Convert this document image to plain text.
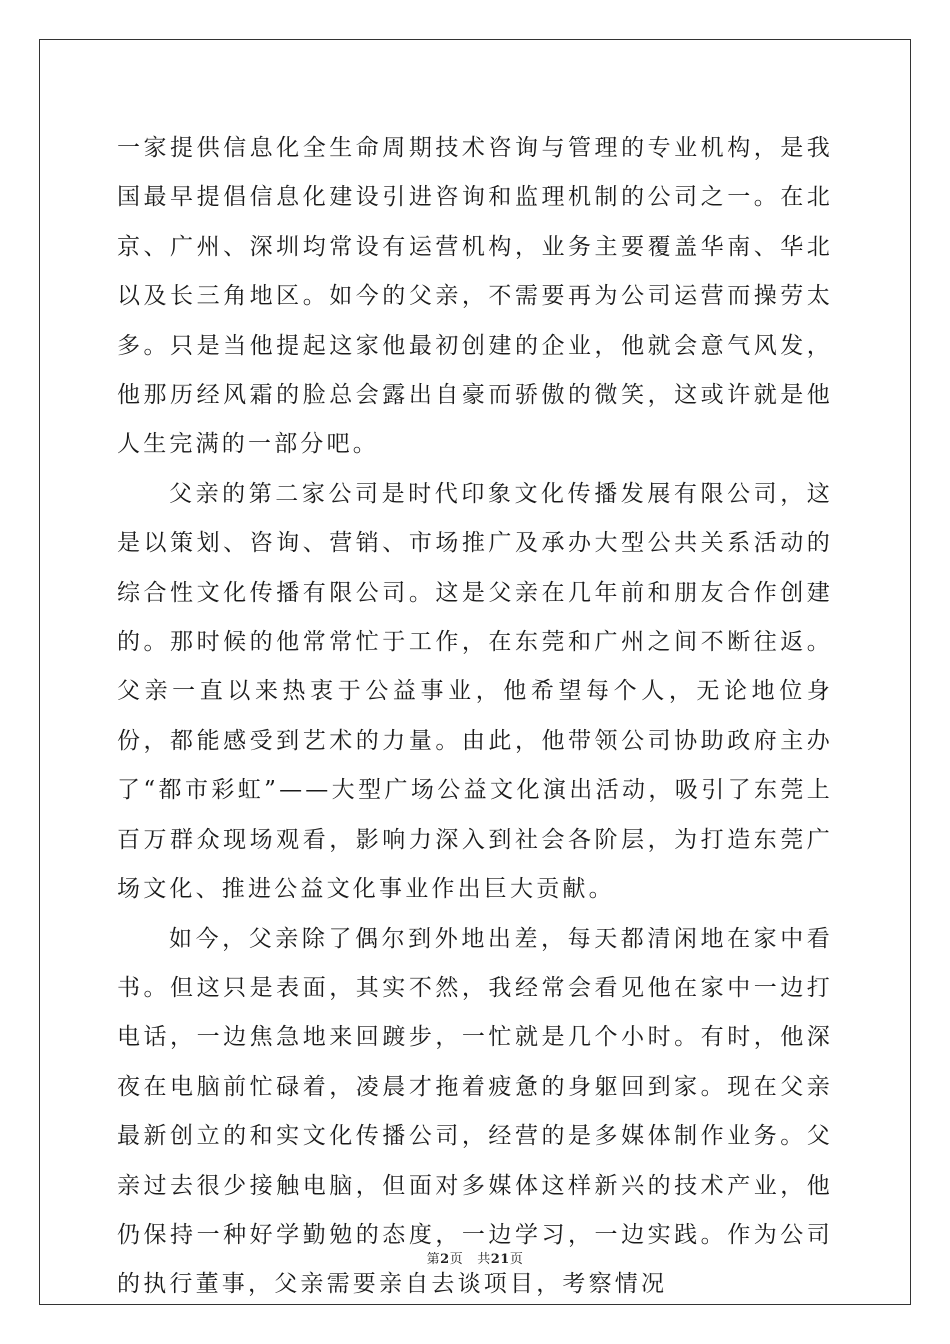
一家提供信息化全生命周期技术咨询与管理的专业机构，是我国最早提倡信息化建设引进咨询和监理机制的公司之一。在北京、广州、深圳均常设有运营机构，业务主要覆盖华南、华北以及长三角地区。如今的父亲，不需要再为公司运营而操劳太多。只是当他提起这家他最初创建的企业，他就会意气风发，他那历经风霜的脸总会露出自豪而骄傲的微笑，这或许就是他人生完满的一部分吧。

父亲的第二家公司是时代印象文化传播发展有限公司，这是以策划、咨询、营销、市场推广及承办大型公共关系活动的综合性文化传播有限公司。这是父亲在几年前和朋友合作创建的。那时候的他常常忙于工作，在东莞和广州之间不断往返。父亲一直以来热衷于公益事业，他希望每个人，无论地位身份，都能感受到艺术的力量。由此，他带领公司协助政府主办了“都市彩虹”——大型广场公益文化演出活动，吸引了东莞上百万群众现场观看，影响力深入到社会各阶层，为打造东莞广场文化、推进公益文化事业作出巨大贡献。

如今，父亲除了偶尔到外地出差，每天都清闲地在家中看书。但这只是表面，其实不然，我经常会看见他在家中一边打电话，一边焦急地来回踱步，一忙就是几个小时。有时，他深夜在电脑前忙碌着，凌晨才拖着疲惫的身躯回到家。现在父亲最新创立的和实文化传播公司，经营的是多媒体制作业务。父亲过去很少接触电脑，但面对多媒体这样新兴的技术产业，他仍保持一种好学勤勉的态度，一边学习，一边实践。作为公司的执行董事，父亲需要亲自去谈项目，考察情况

第2页 共21页
